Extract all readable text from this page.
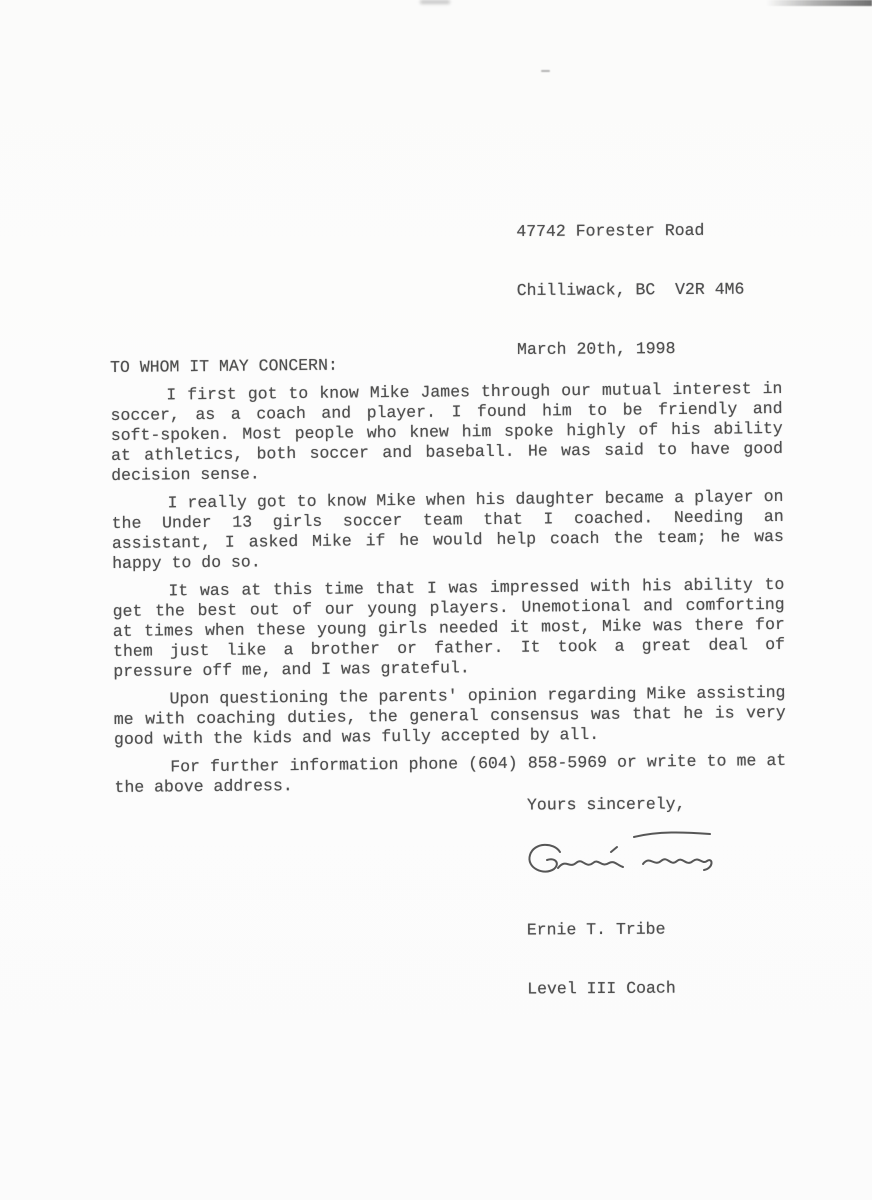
47742 Forester Road

Chilliwack, BC  V2R 4M6

March 20th, 1998

TO WHOM IT MAY CONCERN:
I first got to know Mike James through our mutual interest in
soccer, as a coach and player. I found him to be friendly and
soft-spoken. Most people who knew him spoke highly of his ability
at athletics, both soccer and baseball. He was said to have good
decision sense.
I really got to know Mike when his daughter became a player on
the Under 13 girls soccer team that I coached. Needing an
assistant, I asked Mike if he would help coach the team; he was
happy to do so.
It was at this time that I was impressed with his ability to
get the best out of our young players. Unemotional and comforting
at times when these young girls needed it most, Mike was there for
them just like a brother or father. It took a great deal of
pressure off me, and I was grateful.
Upon questioning the parents' opinion regarding Mike assisting
me with coaching duties, the general consensus was that he is very
good with the kids and was fully accepted by all.
For further information phone (604) 858-5969 or write to me at
the above address.
Yours sincerely,

Ernie T. Tribe

Level III Coach
